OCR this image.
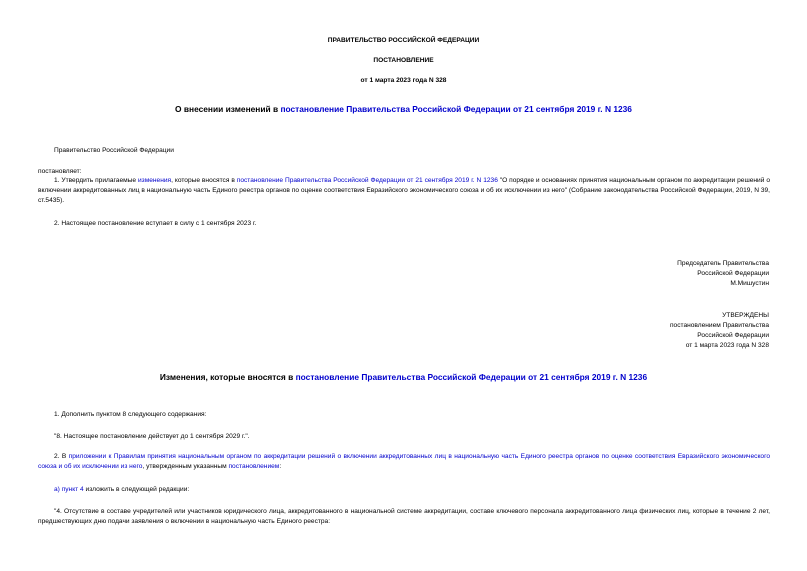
ПРАВИТЕЛЬСТВО РОССИЙСКОЙ ФЕДЕРАЦИИ
ПОСТАНОВЛЕНИЕ
от 1 марта 2023 года N 328
О внесении изменений в постановление Правительства Российской Федерации от 21 сентября 2019 г. N 1236
Правительство Российской Федерации
постановляет:
1. Утвердить прилагаемые изменения, которые вносятся в постановление Правительства Российской Федерации от 21 сентября 2019 г. N 1236 "О порядке и основаниях принятия национальным органом по аккредитации решений о включении аккредитованных лиц в национальную часть Единого реестра органов по оценке соответствия Евразийского экономического союза и об их исключении из него" (Собрание законодательства Российской Федерации, 2019, N 39, ст.5435).
2. Настоящее постановление вступает в силу с 1 сентября 2023 г.
Председатель Правительства
Российской Федерации
М.Мишустин
УТВЕРЖДЕНЫ
постановлением Правительства
Российской Федерации
от 1 марта 2023 года N 328
Изменения, которые вносятся в постановление Правительства Российской Федерации от 21 сентября 2019 г. N 1236
1. Дополнить пунктом 8 следующего содержания:
"8. Настоящее постановление действует до 1 сентября 2029 г.".
2. В приложении к Правилам принятия национальным органом по аккредитации решений о включении аккредитованных лиц в национальную часть Единого реестра органов по оценке соответствия Евразийского экономического союза и об их исключении из него, утвержденным указанным постановлением:
а) пункт 4 изложить в следующей редакции:
"4. Отсутствие в составе учредителей или участников юридического лица, аккредитованного в национальной системе аккредитации, составе ключевого персонала аккредитованного лица физических лиц, которые в течение 2 лет, предшествующих дню подачи заявления о включении в национальную часть Единого реестра:
